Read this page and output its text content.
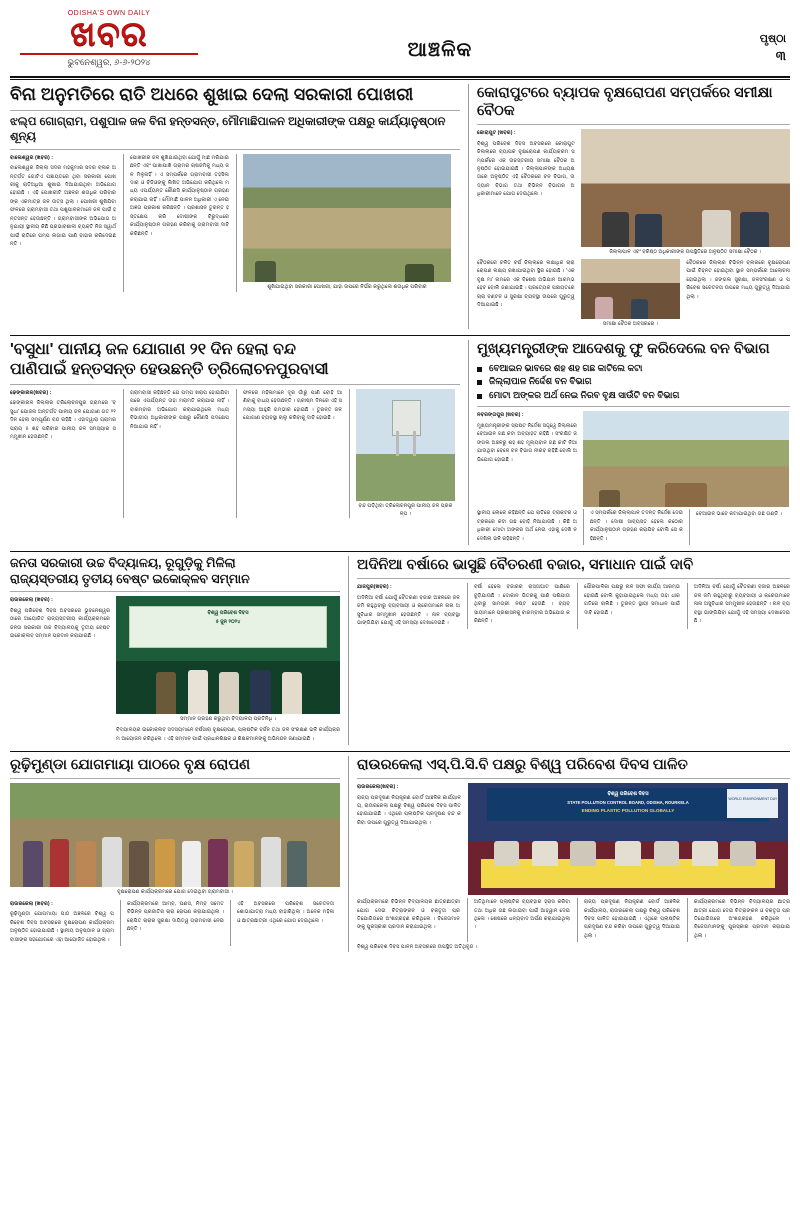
ODISHA'S OWN DAILY
ଖବର
ଭୁବନେଶ୍ୱର, ୬-୬-୨୦୨୪
ଆଞ୍ଚଳିକ	ପୃଷ୍ଠା
୩
ବିନା ଅନୁମତିରେ ରାତି ଅଧରେ ଶୁଖାଇ ଦେଲା ସରକାରୀ ପୋଖରୀ
ଝଲ୍ପ ଗୋଗ୍ରାମ, ପଶୁପାଳ ଜଳ ବିନା ହନ୍ତସନ୍ତ, ମୌମାଛିପାଳନ ଅଧିକାରୀଙ୍କ ପକ୍ଷରୁ କାର୍ଯ୍ୟାନୁଷ୍ଠାନ ଶୂନ୍ୟ

ବାଲେଶ୍ୱର (ଖବର) :

ବାଲେଶ୍ୱର ଜିଲ୍ଲା ସଦର ମହକୁମାର ସଦର ବ୍ଲକ ଅନ୍ତର୍ଗତ ଗୋଟିଏ ପଞ୍ଚାୟତରେ ଥିବା ସରକାରୀ ପୋଖରୀକୁ ରାତିଅଧିଆ ଶୁଖାଇ ଦିଆଯାଇଥିବା ଅଭିଯୋଗ ହୋଇଛି । ଏହି ପୋଖରୀଟି ଅଞ୍ଚଳର ଶତାଧିକ ପରିବାରଙ୍କ ଏକମାତ୍ର ଜଳ ଉତ୍ସ ଥିଲା । ପୋଖରୀ ଶୁଖିଯିବା ଫଳରେ ଗ୍ରାମବାସୀ ତଥା ପଶୁପାଳକମାନେ ଜଳ ପାଇଁ ହନ୍ତସନ୍ତ ହେଉଛନ୍ତି । ଗ୍ରାମବାସୀଙ୍କ ଅଭିଯୋଗ ଅନୁଯାୟୀ ସ୍ଥାନୀୟ କିଛି ପ୍ରଭାବଶାଳୀ ବ୍ୟକ୍ତି ନିଜ ସ୍ୱାର୍ଥ ପାଇଁ ରାତିରେ ପମ୍ପ ଲଗାଇ ପାଣି ବାହାର କରିଦେଇଛନ୍ତି ।

ପୋଖରୀର ଜଳ ଶୁଖିଯାଇଥିବା ଯୋଗୁଁ ମାଛ ମରିଯାଇଛନ୍ତି ଏବଂ ପାଖାପାଖି ଗ୍ରାମର ଚାଷଜମିକୁ ମଧ୍ୟ ଜଳ ମିଳୁନାହିଁ । ଏ ସମ୍ପର୍କରେ ଗ୍ରାମବାସୀ ତହସିଲଦାର ଓ ବିଡିଓଙ୍କୁ ଲିଖିତ ଅଭିଯୋଗ କରିଥିଲେ ମଧ୍ୟ ଏପର୍ଯ୍ୟନ୍ତ କୌଣସି କାର୍ଯ୍ୟାନୁଷ୍ଠାନ ଗ୍ରହଣ କରାଯାଇ ନାହିଁ । ମୌମାଛି ପାଳନ ଅଧିକାରୀ ଏ ନେଇ ଅଜ୍ଞତା ପ୍ରକାଶ କରିଛନ୍ତି । ପ୍ରଶାସନ ତୁରନ୍ତ ହସ୍ତକ୍ଷେପ କରି ଦୋଷୀଙ୍କ ବିରୁଦ୍ଧରେ କାର୍ଯ୍ୟାନୁଷ୍ଠାନ ଗ୍ରହଣ କରିବାକୁ ଗ୍ରାମବାସୀ ଦାବି କରିଛନ୍ତି ।

ଶୁଖିଯାଇଥିବା ସରକାରୀ ପୋଖରୀ, ଯାହା ଉପରେ ନିର୍ଭର କରୁଥିଲେ ଶତାଧିକ ପରିବାର
କୋରାପୁଟରେ ବ୍ୟାପକ ବୃକ୍ଷରୋପଣ ସମ୍ପର୍କରେ ସମୀକ୍ଷା ବୈଠକ

କୋରାପୁଟ (ଖବର) :

ବିଶ୍ୱ ପରିବେଶ ଦିବସ ଅବସରରେ କୋରାପୁଟ ଜିଲ୍ଲାରେ ବ୍ୟାପକ ବୃକ୍ଷରୋପଣ କାର୍ଯ୍ୟକ୍ରମ ସମ୍ପର୍କରେ ଏକ ଉଚ୍ଚସ୍ତରୀୟ ସମୀକ୍ଷା ବୈଠକ ଅନୁଷ୍ଠିତ ହୋଇଯାଇଛି । ଜିଲ୍ଲାପାଳଙ୍କ ଅଧ୍ୟକ୍ଷତାରେ ଅନୁଷ୍ଠିତ ଏହି ବୈଠକରେ ବନ ବିଭାଗ, ଉଦ୍ୟାନ ବିଭାଗ ତଥା ବିଭିନ୍ନ ବିଭାଗର ଅଧିକାରୀମାନେ ଯୋଗ ଦେଇଥିଲେ ।

ଜିଲ୍ଲାପାଳ ଏବଂ ବରିଷ୍ଠ ଅଧିକାରୀଙ୍କ ଉପସ୍ଥିତିରେ ଅନୁଷ୍ଠିତ ସମୀକ୍ଷା ବୈଠକ ।

ବୈଠକରେ ଚଳିତ ବର୍ଷ ଜିଲ୍ଲାରେ ଲକ୍ଷାଧିକ ଚାରା ରୋପଣ ଲକ୍ଷ୍ୟ ରଖାଯାଇଥିବା ସ୍ଥିର ହୋଇଛି । 'ଏକ ବୃକ୍ଷ ମା' ନାମରେ ଏକ ବିଶେଷ ଅଭିଯାନ ଆରମ୍ଭ ହେବ ବୋଲି ଜଣାଯାଇଛି । ପ୍ରତ୍ୟେକ ପଞ୍ଚାୟତରେ ଚାରା ବଣ୍ଟନ ଓ ସୁରକ୍ଷା ବ୍ୟବସ୍ଥା ଉପରେ ଗୁରୁତ୍ୱ ଦିଆଯାଇଛି ।

ସମୀକ୍ଷା ବୈଠକ ଅବସରରେ ।

ବୈଠକରେ ଜିଲ୍ଲାର ବିଭିନ୍ନ ବ୍ଲକରେ ବୃକ୍ଷରୋପଣ ପାଇଁ ଚିହ୍ନଟ ହୋଇଥିବା ସ୍ଥାନ ସମ୍ପର୍କରେ ଆଲୋଚନା ହୋଇଥିଲା । ଜଙ୍ଗଲ ସୁରକ୍ଷା, ଜଳସଂରକ୍ଷଣ ଓ ପରିବେଶ ସଚେତନତା ଉପରେ ମଧ୍ୟ ଗୁରୁତ୍ୱ ଦିଆଯାଇଥିଲା ।

'ବସୁଧା' ପାନୀୟ ଜଳ ଯୋଗାଣ ୨୧ ଦିନ ହେଲା ବନ୍ଦ
ପାଣିପାଇଁ ହନ୍ତସନ୍ତ ହେଉଛନ୍ତି ତ୍ରିଲୋଚନପୁରବାସୀ

ଢେଙ୍କାନାଳ(ଖବର) :

ଢେଙ୍କାନାଳ ଜିଲ୍ଲାର ତ୍ରିଲୋଚନପୁର ଗ୍ରାମରେ 'ବସୁଧା' ଯୋଜନା ଅନ୍ତର୍ଗତ ପାନୀୟ ଜଳ ଯୋଗାଣ ଗତ ୨୧ ଦିନ ହେଲା ସମ୍ପୂର୍ଣ୍ଣ ବନ୍ଦ ରହିଛି । ଏହାଦ୍ୱାରା ଗ୍ରାମର ପ୍ରାୟ ୫ ଶହ ପରିବାର ପାନୀୟ ଜଳ ସମସ୍ୟାର ସମ୍ମୁଖୀନ ହେଉଛନ୍ତି ।

ଗ୍ରାମବାସୀ କହିଛନ୍ତି ଯେ ପମ୍ପ ଖରାପ ହୋଇଯିବା ପରେ ଏପର୍ଯ୍ୟନ୍ତ ତାହା ମରାମତି କରାଯାଇ ନାହିଁ । ବାରମ୍ବାର ଅଭିଯୋଗ କରାଯାଇଥିଲେ ମଧ୍ୟ ବିଭାଗୀୟ ଅଧିକାରୀଙ୍କ ପକ୍ଷରୁ କୌଣସି ପଦକ୍ଷେପ ନିଆଯାଇ ନାହିଁ ।

ଫଳରେ ମହିଳାମାନେ ଦୂର ଗାଁରୁ ପାଣି ବୋହି ଆଣିବାକୁ ବାଧ୍ୟ ହେଉଛନ୍ତି । ଗ୍ରୀଷ୍ମ ଦିନରେ ଏହି ସମସ୍ୟା ଆହୁରି ଗମ୍ଭୀର ହୋଇଛି । ତୁରନ୍ତ ଜଳ ଯୋଗାଣ ବ୍ୟବସ୍ଥା ଚାଲୁ କରିବାକୁ ଦାବି ହୋଇଛି ।

ବନ୍ଦ ପଡ଼ିଥିବା ତ୍ରିଲୋଚନପୁର ପାନୀୟ ଜଳ ପ୍ରକଳ୍ପ ।
ମୁଖ୍ୟମନ୍ତ୍ରୀଙ୍କ ଆଦେଶକୁ ଫୁ କରିଦେଲେ ବନ ବିଭାଗ
ବେଆଇନ ଭାବରେ ଶହ ଶହ ଗଛ କାଟିଲେ କଟା
ଜିଲ୍ଲାପାଳ ନିର୍ଦ୍ଦେଶ ବନ ବିଭାଗ
ମୋଟା ଅଙ୍କର ଅର୍ଥ ନେଇ ନିରବ ବୃକ୍ଷ ସାଉଁଟି ବନ ବିଭାଗ

ନବରଙ୍ଗପୁର (ଖବର) :

ମୁଖ୍ୟମନ୍ତ୍ରୀଙ୍କ ସ୍ପଷ୍ଟ ନିର୍ଦ୍ଦେଶ ସତ୍ତ୍ୱେ ଜିଲ୍ଲାରେ ବେଆଇନ ଗଛ କଟା ଅବ୍ୟାହତ ରହିଛି । ସଂରକ୍ଷିତ ଜଙ୍ଗଲ ଅଞ୍ଚଳରୁ ଶହ ଶହ ମୂଲ୍ୟବାନ ଗଛ କାଟି ନିଆଯାଉଥିବା ବେଳେ ବନ ବିଭାଗ ନୀରବ ରହିଛି ବୋଲି ଅଭିଯୋଗ ହୋଇଛି ।

ସ୍ଥାନୀୟ ଲୋକେ କହିଛନ୍ତି ଯେ ରାତିରେ ଟ୍ରାକ୍ଟର ଓ ଟ୍ରକରେ କଟା ଗଛ ବୋହି ନିଆଯାଉଛି । କିଛି ଅଧିକାରୀ ମୋଟା ଅଙ୍କର ଅର୍ଥ ନେଇ ଏହାକୁ ଦେଖି ନ ଦେଖିଲା ଭଳି ରହିଛନ୍ତି ।

ଏ ସମ୍ପର୍କରେ ଜିଲ୍ଲାପାଳ ତଦନ୍ତ ନିର୍ଦ୍ଦେଶ ଦେଇଛନ୍ତି । ଦୋଷୀ ସାବ୍ୟସ୍ତ ହେଲେ କଠୋର କାର୍ଯ୍ୟାନୁଷ୍ଠାନ ଗ୍ରହଣ କରାଯିବ ବୋଲି ସେ କହିଛନ୍ତି ।

ବେଆଇନ ଭାବେ କଟାଯାଇଥିବା ଗଛ ଗଣ୍ଡି ।
ଜନତା ସରକାରୀ ଉଚ୍ଚ ବିଦ୍ୟାଳୟ, ରୂଗୁଡ଼ିକୁ ମିଳିଲା
ରାଜ୍ୟସ୍ତରୀୟ ତୃତୀୟ ବେଷ୍ଟ ଇକୋକ୍ଳବ ସମ୍ମାନ

ରାଉରକେଲା (ଖବର) :

ବିଶ୍ୱ ପରିବେଶ ଦିବସ ଅବସରରେ ଭୁବନେଶ୍ୱରଠାରେ ଆୟୋଜିତ ରାଜ୍ୟସ୍ତରୀୟ କାର୍ଯ୍ୟକ୍ରମରେ ଜନତା ସରକାରୀ ଉଚ୍ଚ ବିଦ୍ୟାଳୟକୁ ତୃତୀୟ ବେଷ୍ଟ ଇକୋକ୍ଲବ ସମ୍ମାନ ପ୍ରଦାନ କରାଯାଇଛି ।

ବିଶ୍ୱ ପରିବେଶ ଦିବସ
୫ ଜୁନ ୨୦୨୪
ସମ୍ମାନ ଗ୍ରହଣ କରୁଥିବା ବିଦ୍ୟାଳୟ ପ୍ରତିନିଧି ।

ବିଦ୍ୟାଳୟର ଇକୋକ୍ଲବ ସଦସ୍ୟମାନେ ବର୍ଷସାରା ବୃକ୍ଷରୋପଣ, ପ୍ଲାଷ୍ଟିକ ବର୍ଜନ ତଥା ଜଳ ସଂରକ୍ଷଣ ଭଳି କାର୍ଯ୍ୟକ୍ରମ ଆୟୋଜନ କରିଥିଲେ । ଏହି ସମ୍ମାନ ପାଇଁ ପ୍ରଧାନଶିକ୍ଷକ ଓ ଶିକ୍ଷକମାନଙ୍କୁ ଅଭିନନ୍ଦନ ଜଣାଯାଇଛି ।

ଅଦିନିଆ ବର୍ଷାରେ ଭାସୁଛି ବୈତରଣୀ ବଜାର, ସମାଧାନ ପାଇଁ ଦାବି

ଯାଜପୁର(ଖବର) :

ଅଦିନିଆ ବର୍ଷା ଯୋଗୁଁ ବୈତରଣୀ ବଜାର ଅଞ୍ଚଳରେ ଜଳ ଜମି ରହୁଥିବାରୁ ବ୍ୟବସାୟୀ ଓ କ୍ରେତାମାନେ ନାନା ଅସୁବିଧାର ସମ୍ମୁଖୀନ ହେଉଛନ୍ତି । ନାଳ ବ୍ୟବସ୍ଥା ଭାଙ୍ଗିଯିବା ଯୋଗୁଁ ଏହି ସମସ୍ୟା ଦେଖାଦେଇଛି ।

ବର୍ଷା ହେଲେ ବଜାରର ରାସ୍ତାଘାଟ ପାଣିରେ ବୁଡ଼ିଯାଉଛି । ଦୋକାନ ଭିତରକୁ ପାଣି ପଶିଯାଉଥିବାରୁ ସାମଗ୍ରୀ ନଷ୍ଟ ହେଉଛି । ବ୍ୟବସାୟୀମାନେ ପ୍ରଶାସନକୁ ବାରମ୍ବାର ଅଭିଯୋଗ କରିଛନ୍ତି ।

ପୌରପାଳିକା ପକ୍ଷରୁ ନାଳ ସଫା କାର୍ଯ୍ୟ ଆରମ୍ଭ ହୋଇଛି ବୋଲି କୁହାଯାଇଥିଲେ ମଧ୍ୟ ତାହା ଧୀର ଗତିରେ ଚାଲିଛି । ତୁରନ୍ତ ସ୍ଥାୟୀ ସମାଧାନ ପାଇଁ ଦାବି ହୋଇଛି ।

ଅଦିନିଆ ବର୍ଷା ଯୋଗୁଁ ବୈତରଣୀ ବଜାର ଅଞ୍ଚଳରେ ଜଳ ଜମି ରହୁଥିବାରୁ ବ୍ୟବସାୟୀ ଓ କ୍ରେତାମାନେ ନାନା ଅସୁବିଧାର ସମ୍ମୁଖୀନ ହେଉଛନ୍ତି । ନାଳ ବ୍ୟବସ୍ଥା ଭାଙ୍ଗିଯିବା ଯୋଗୁଁ ଏହି ସମସ୍ୟା ଦେଖାଦେଇଛି ।

ରୂଢ଼ିମୁଣ୍ଡା ଯୋଗମାୟା ପାଠରେ ବୃକ୍ଷ ରୋପଣ
ବୃକ୍ଷରୋପଣ କାର୍ଯ୍ୟକ୍ରମରେ ଯୋଗ ଦେଇଥିବା ଗ୍ରାମବାସୀ ।

ରାଉରକେଲା (ଖବର) :

ରୂଢ଼ିମୁଣ୍ଡା ଯୋଗମାୟା ପାଠ ଅଞ୍ଚଳରେ ବିଶ୍ୱ ପରିବେଶ ଦିବସ ଅବସରରେ ବୃକ୍ଷରୋପଣ କାର୍ଯ୍ୟକ୍ରମ ଅନୁଷ୍ଠିତ ହୋଇଯାଇଛି । ସ୍ଥାନୀୟ ଅନୁଷ୍ଠାନ ଓ ଗ୍ରାମବାସୀଙ୍କ ସହଯୋଗରେ ଏହା ଆୟୋଜିତ ହୋଇଥିଲା ।

କାର୍ଯ୍ୟକ୍ରମରେ ଆମ୍ବ, ପଣସ, ନିମ୍ବ ସମେତ ବିଭିନ୍ନ ପ୍ରଜାତିର ଚାରା ରୋପଣ କରାଯାଇଥିଲା । ରୋପିତ ଚାରାର ସୁରକ୍ଷା ଦାୟିତ୍ୱ ଗ୍ରାମବାସୀ ନେଇଛନ୍ତି ।

ଏହି ଅବସରରେ ପରିବେଶ ସଚେତନତା ଶୋଭାଯାତ୍ରା ମଧ୍ୟ ବାହାରିଥିଲା । ଅନେକ ମହିଳା ଓ ଛାତ୍ରଛାତ୍ରୀ ଏଥିରେ ଯୋଗ ଦେଇଥିଲେ ।

ରାଉରକେଲା ଏସ୍.ପି.ସି.ବି ପକ୍ଷରୁ ବିଶ୍ୱ ପରିବେଶ ଦିବସ ପାଳିତ

ରାଉରକେଲା(ଖବର) :

ରାଜ୍ୟ ପ୍ରଦୂଷଣ ନିୟନ୍ତ୍ରଣ ବୋର୍ଡ ଆଞ୍ଚଳିକ କାର୍ଯ୍ୟାଳୟ, ରାଉରକେଲା ପକ୍ଷରୁ ବିଶ୍ୱ ପରିବେଶ ଦିବସ ପାଳିତ ହୋଇଯାଇଛି । ଏଥିରେ ପ୍ଲାଷ୍ଟିକ ପ୍ରଦୂଷଣ ବନ୍ଦ କରିବା ଉପରେ ଗୁରୁତ୍ୱ ଦିଆଯାଇଥିଲା ।

ବିଶ୍ୱ ପରିବେଶ ଦିବସ
STATE POLLUTION CONTROL BOARD, ODISHA, ROURKELA
ENDING PLASTIC POLLUTION GLOBALLY
WORLD ENVIRONMENT DAY

କାର୍ଯ୍ୟକ୍ରମରେ ବିଭିନ୍ନ ବିଦ୍ୟାଳୟର ଛାତ୍ରଛାତ୍ରୀ ଯୋଗ ଦେଇ ଚିତ୍ରାଙ୍କନ ଓ ବକ୍ତୃତା ପ୍ରତିଯୋଗିତାରେ ଅଂଶଗ୍ରହଣ କରିଥିଲେ । ବିଜେତାମାନଙ୍କୁ ପୁରସ୍କାର ପ୍ରଦାନ କରାଯାଇଥିଲା ।

ଅତିଥିମାନେ ପ୍ଲାଷ୍ଟିକ ବ୍ୟବହାର ହ୍ରାସ କରିବା ତଥା ଅଧିକ ଗଛ ଲଗାଇବା ପାଇଁ ଆହ୍ୱାନ ଦେଇଥିଲେ । ଶେଷରେ ଧନ୍ୟବାଦ ଅର୍ପଣ କରାଯାଇଥିଲା ।

ରାଜ୍ୟ ପ୍ରଦୂଷଣ ନିୟନ୍ତ୍ରଣ ବୋର୍ଡ ଆଞ୍ଚଳିକ କାର୍ଯ୍ୟାଳୟ, ରାଉରକେଲା ପକ୍ଷରୁ ବିଶ୍ୱ ପରିବେଶ ଦିବସ ପାଳିତ ହୋଇଯାଇଛି । ଏଥିରେ ପ୍ଲାଷ୍ଟିକ ପ୍ରଦୂଷଣ ବନ୍ଦ କରିବା ଉପରେ ଗୁରୁତ୍ୱ ଦିଆଯାଇଥିଲା ।

କାର୍ଯ୍ୟକ୍ରମରେ ବିଭିନ୍ନ ବିଦ୍ୟାଳୟର ଛାତ୍ରଛାତ୍ରୀ ଯୋଗ ଦେଇ ଚିତ୍ରାଙ୍କନ ଓ ବକ୍ତୃତା ପ୍ରତିଯୋଗିତାରେ ଅଂଶଗ୍ରହଣ କରିଥିଲେ । ବିଜେତାମାନଙ୍କୁ ପୁରସ୍କାର ପ୍ରଦାନ କରାଯାଇଥିଲା ।

ବିଶ୍ୱ ପରିବେଶ ଦିବସ ପାଳନ ଅବସରରେ ଉପସ୍ଥିତ ଅତିଥିବୃନ୍ଦ ।
